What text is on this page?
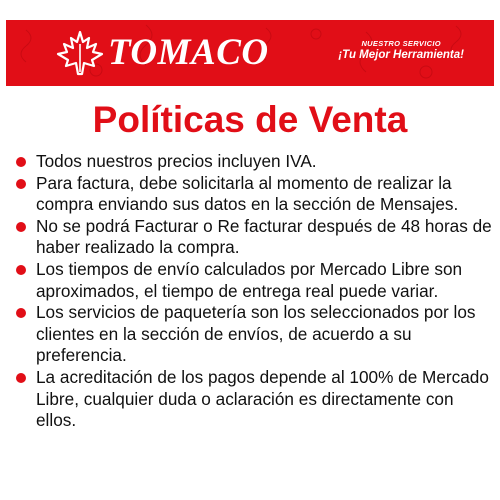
TOMACO	NUESTRO SERVICIO
¡Tu Mejor Herramienta!
Políticas de Venta
Todos nuestros precios incluyen IVA.
Para factura, debe solicitarla al momento de realizar la compra enviando sus datos en la sección de Mensajes.
No se podrá Facturar o Re facturar después de 48 horas de haber realizado la compra.
Los tiempos de envío calculados por Mercado Libre son aproximados, el tiempo de entrega real puede variar.
Los servicios de paquetería son los seleccionados por los clientes en la sección de envíos, de acuerdo a su preferencia.
La acreditación de los pagos depende al 100% de Mercado Libre, cualquier duda o aclaración es directamente con ellos.
